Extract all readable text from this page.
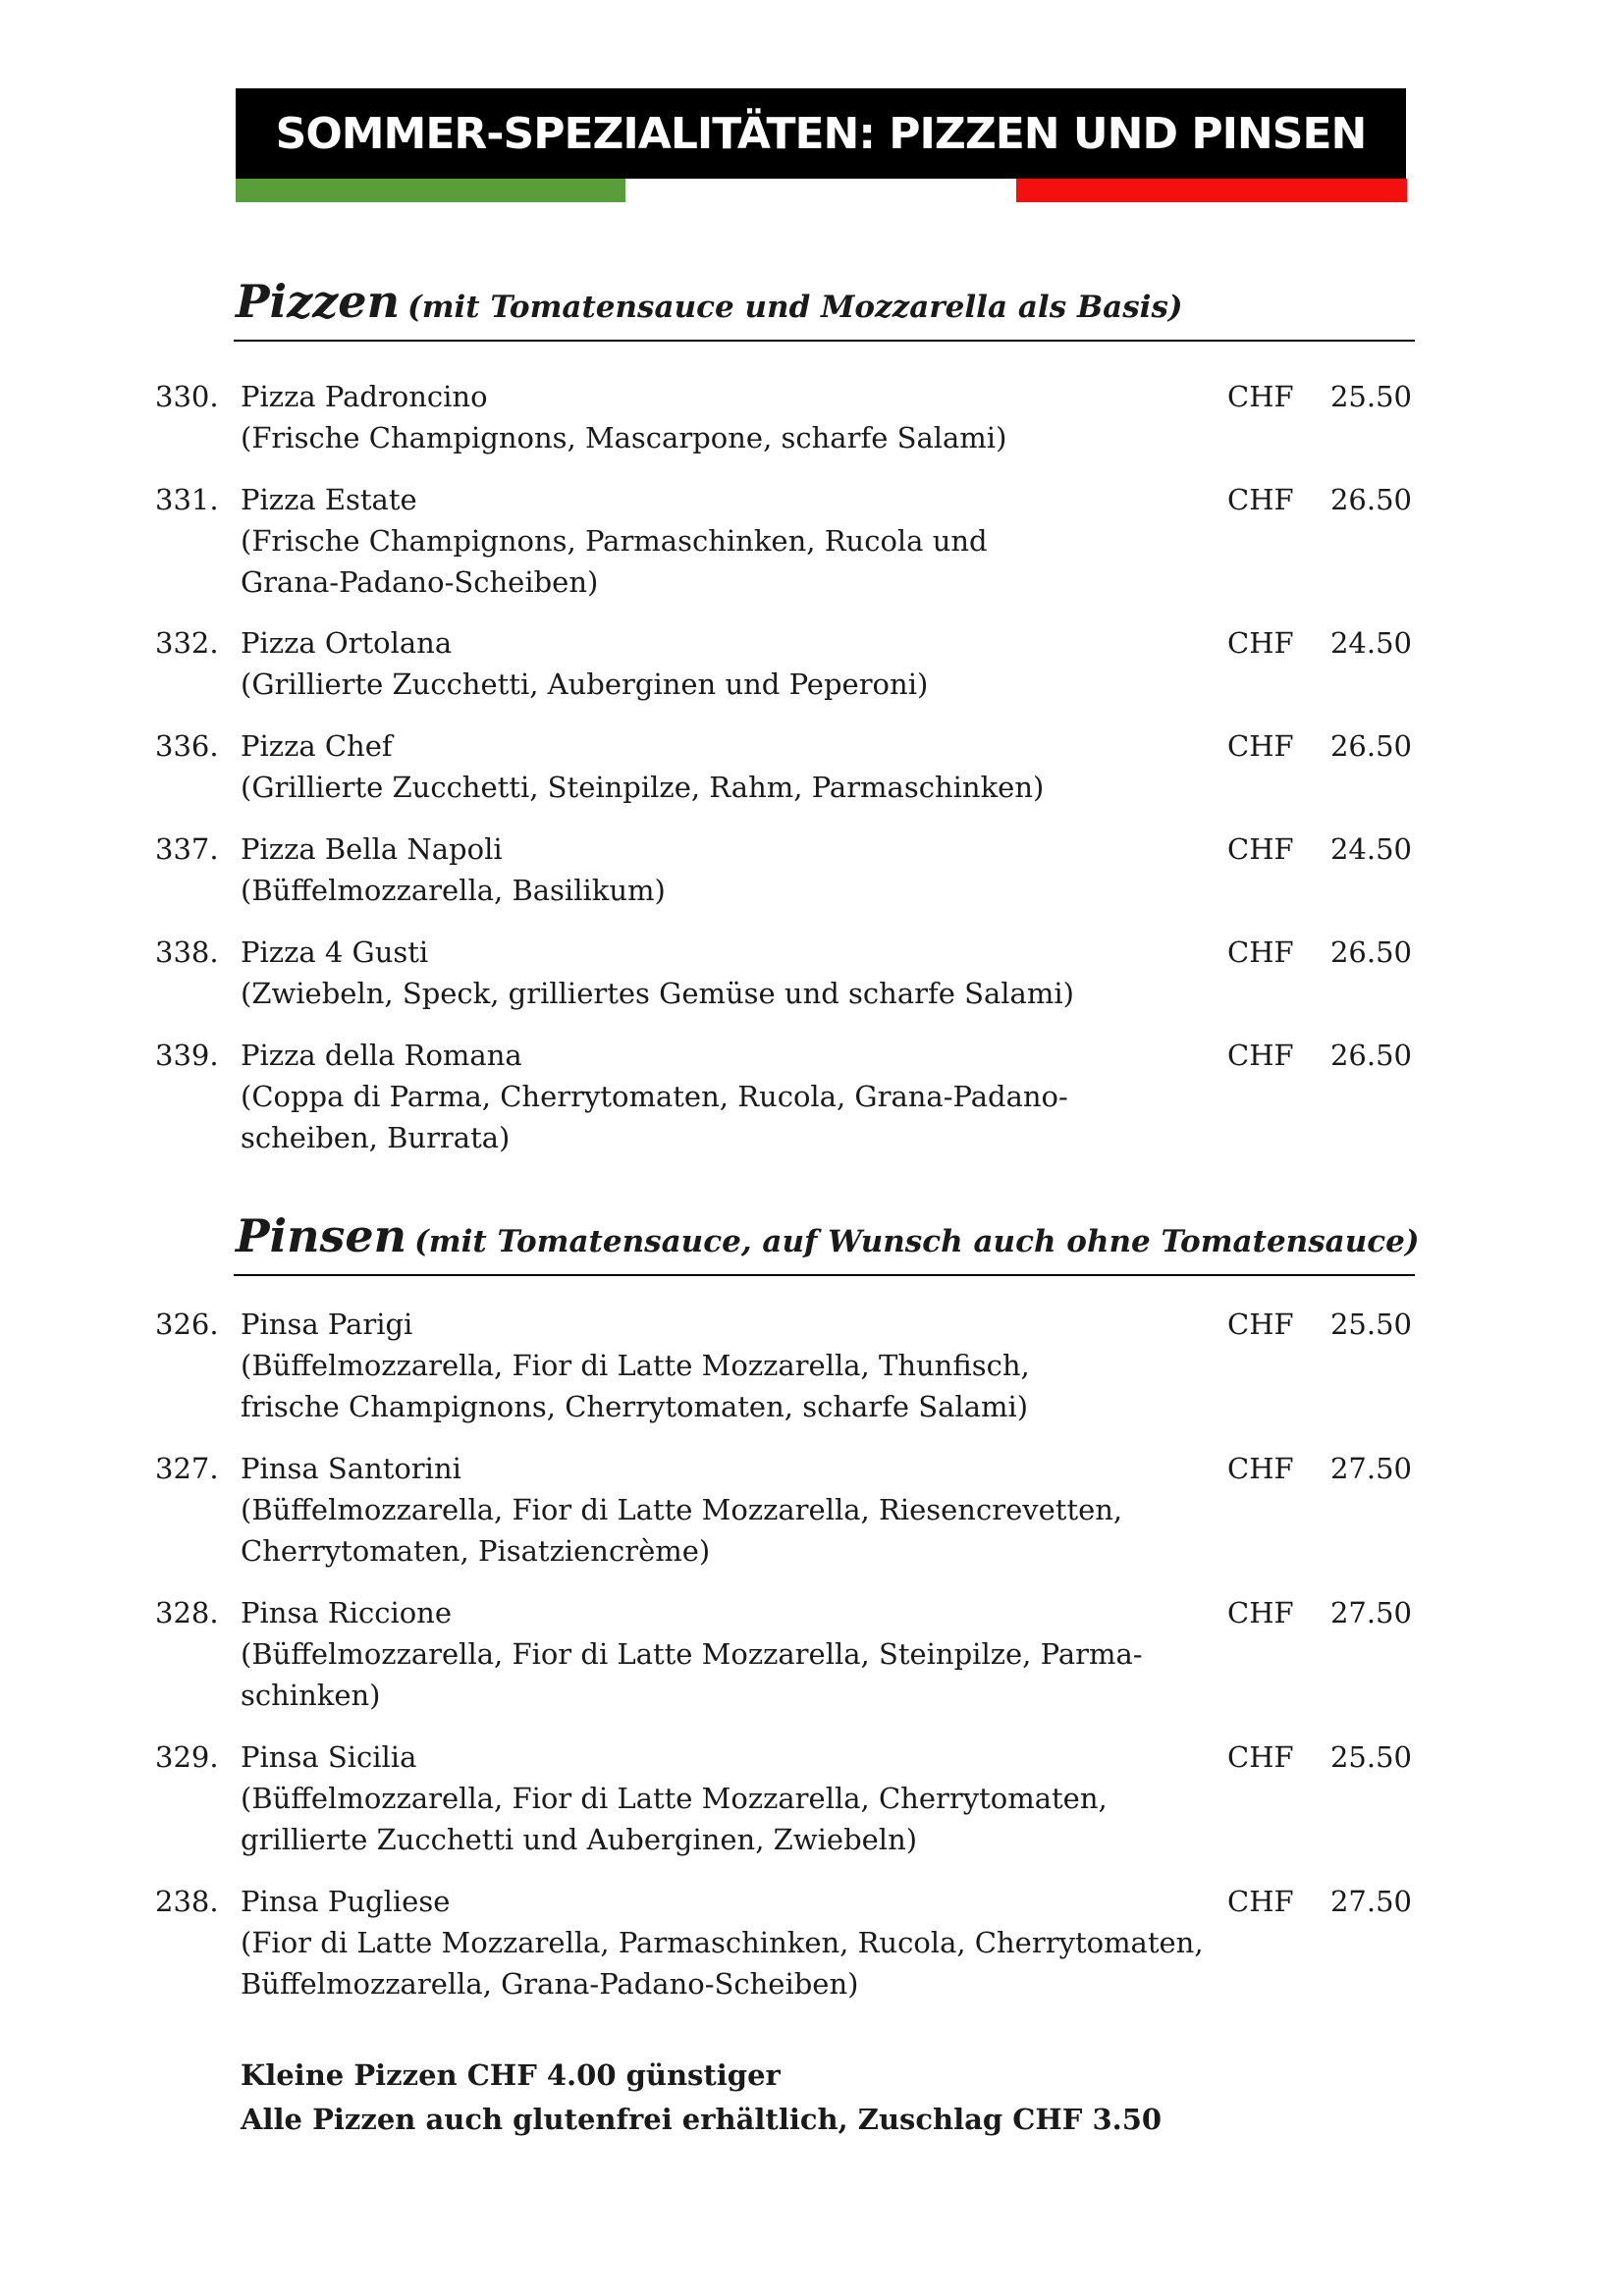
SOMMER-SPEZIALITÄTEN: PIZZEN UND PINSEN
Pizzen (mit Tomatensauce und Mozzarella als Basis)
330. Pizza Padroncino
(Frische Champignons, Mascarpone, scharfe Salami)
CHF 25.50
331. Pizza Estate
(Frische Champignons, Parmaschinken, Rucola und
Grana-Padano-Scheiben)
CHF 26.50
332. Pizza Ortolana
(Grillierte Zucchetti, Auberginen und Peperoni)
CHF 24.50
336. Pizza Chef
(Grillierte Zucchetti, Steinpilze, Rahm, Parmaschinken)
CHF 26.50
337. Pizza Bella Napoli
(Büffelmozzarella, Basilikum)
CHF 24.50
338. Pizza 4 Gusti
(Zwiebeln, Speck, grilliertes Gemüse und scharfe Salami)
CHF 26.50
339. Pizza della Romana
(Coppa di Parma, Cherrytomaten, Rucola, Grana-Padano-
scheiben, Burrata)
CHF 26.50
Pinsen (mit Tomatensauce, auf Wunsch auch ohne Tomatensauce)
326. Pinsa Parigi
(Büffelmozzarella, Fior di Latte Mozzarella, Thunfisch,
frische Champignons, Cherrytomaten, scharfe Salami)
CHF 25.50
327. Pinsa Santorini
(Büffelmozzarella, Fior di Latte Mozzarella, Riesencrevetten,
Cherrytomaten, Pisatziencrème)
CHF 27.50
328. Pinsa Riccione
(Büffelmozzarella, Fior di Latte Mozzarella, Steinpilze, Parma-
schinken)
CHF 27.50
329. Pinsa Sicilia
(Büffelmozzarella, Fior di Latte Mozzarella, Cherrytomaten,
grillierte Zucchetti und Auberginen, Zwiebeln)
CHF 25.50
238. Pinsa Pugliese
(Fior di Latte Mozzarella, Parmaschinken, Rucola, Cherrytomaten,
Büffelmozzarella, Grana-Padano-Scheiben)
CHF 27.50
Kleine Pizzen CHF 4.00 günstiger
Alle Pizzen auch glutenfrei erhältlich, Zuschlag CHF 3.50
